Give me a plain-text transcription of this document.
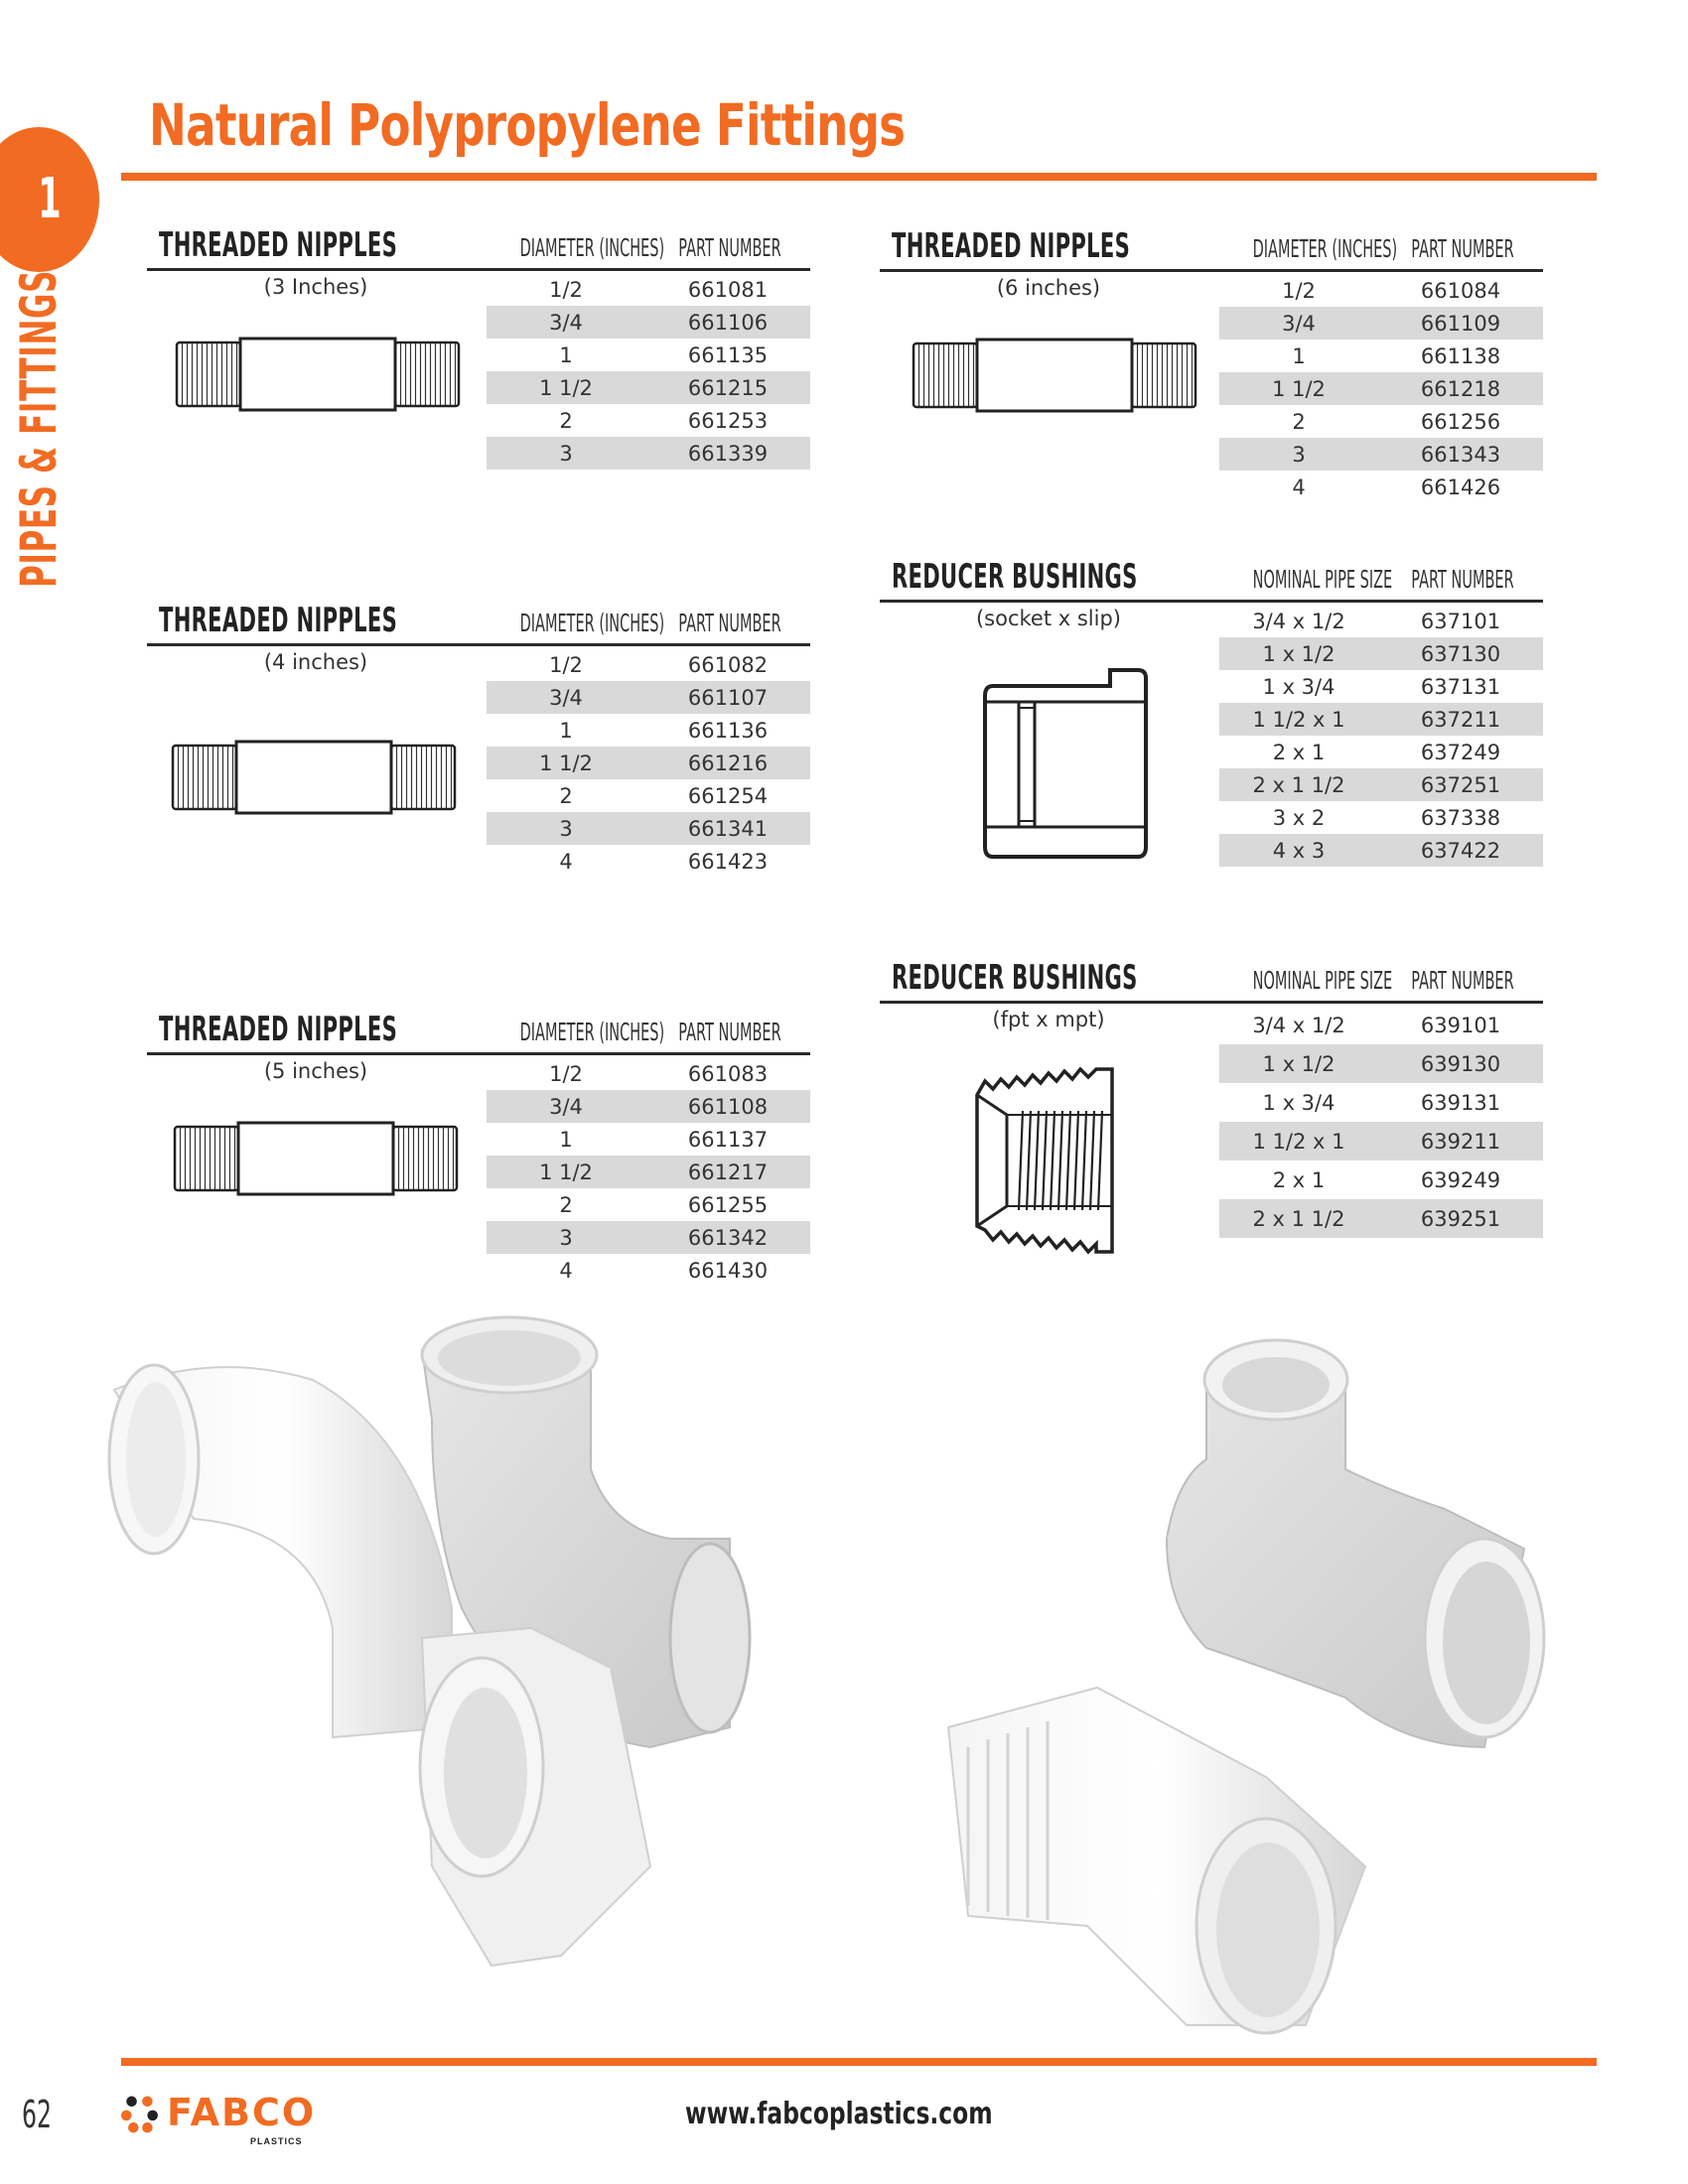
Natural Polypropylene Fittings
1
PIPES & FITTINGS
THREADED NIPPLES	DIAMETER (INCHES) PART NUMBER
(3 Inches)	1/2	661081
3/4	661106
1	661135
1 1/2	661215
2	661253
3	661339
THREADED NIPPLES	DIAMETER (INCHES) PART NUMBER
(4 inches)	1/2	661082
3/4	661107
1	661136
1 1/2	661216
2	661254
3	661341
4	661423
THREADED NIPPLES	DIAMETER (INCHES) PART NUMBER
(5 inches)	1/2	661083
3/4	661108
1	661137
1 1/2	661217
2	661255
3	661342
4	661430
THREADED NIPPLES	DIAMETER (INCHES) PART NUMBER
(6 inches)	1/2	661084
3/4	661109
1	661138
1 1/2	661218
2	661256
3	661343
4	661426
REDUCER BUSHINGS	NOMINAL PIPE SIZE PART NUMBER
(socket x slip)	3/4 x 1/2	637101
1 x 1/2	637130
1 x 3/4	637131
1 1/2 x 1	637211
2 x 1	637249
2 x 1 1/2	637251
3 x 2	637338
4 x 3	637422
REDUCER BUSHINGS	NOMINAL PIPE SIZE PART NUMBER
(fpt x mpt)	3/4 x 1/2	639101
1 x 1/2	639130
1 x 3/4	639131
1 1/2 x 1	639211
2 x 1	639249
2 x 1 1/2	639251
62	FABCO
PLASTICS
www.fabcoplastics.com
